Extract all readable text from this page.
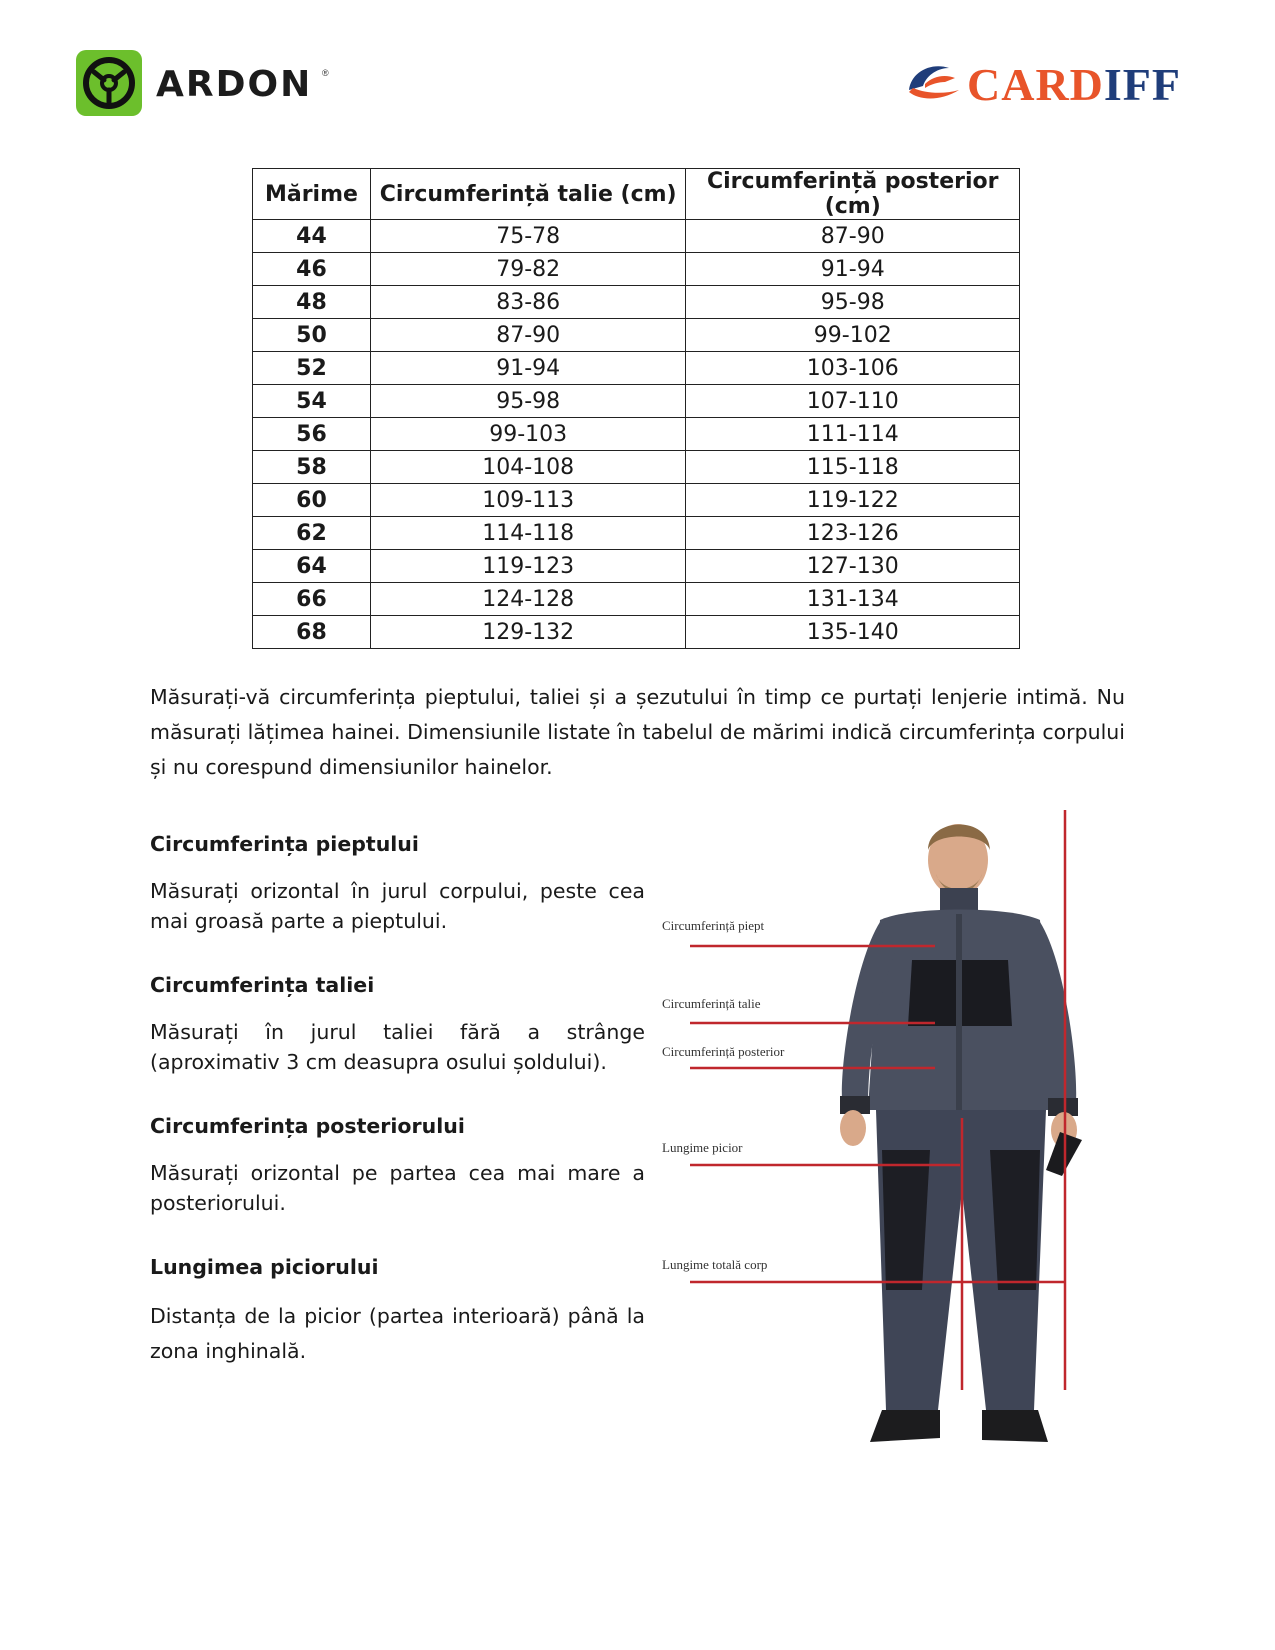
ARDON ®	CARDIFF
Mărime	Circumferință talie (cm)	Circumferință posterior (cm)
44	75-78	87-90
46	79-82	91-94
48	83-86	95-98
50	87-90	99-102
52	91-94	103-106
54	95-98	107-110
56	99-103	111-114
58	104-108	115-118
60	109-113	119-122
62	114-118	123-126
64	119-123	127-130
66	124-128	131-134
68	129-132	135-140
Măsurați-vă circumferința pieptului, taliei și a șezutului în timp ce purtați lenjerie intimă. Nu măsurați lățimea hainei. Dimensiunile listate în tabelul de mărimi indică circumferința corpului și nu corespund dimensiunilor hainelor.
Circumferința pieptului

Măsurați orizontal în jurul corpului, peste cea mai groasă parte a pieptului.

Circumferința taliei

Măsurați în jurul taliei fără a strânge (aproximativ 3 cm deasupra osului șoldului).

Circumferința posteriorului

Măsurați orizontal pe partea cea mai mare a posteriorului.

Lungimea piciorului

Distanța de la picior (partea interioară) până la zona inghinală.

Circumferință piept
Circumferință talie
Circumferință posterior
Lungime picior
Lungime totală corp
